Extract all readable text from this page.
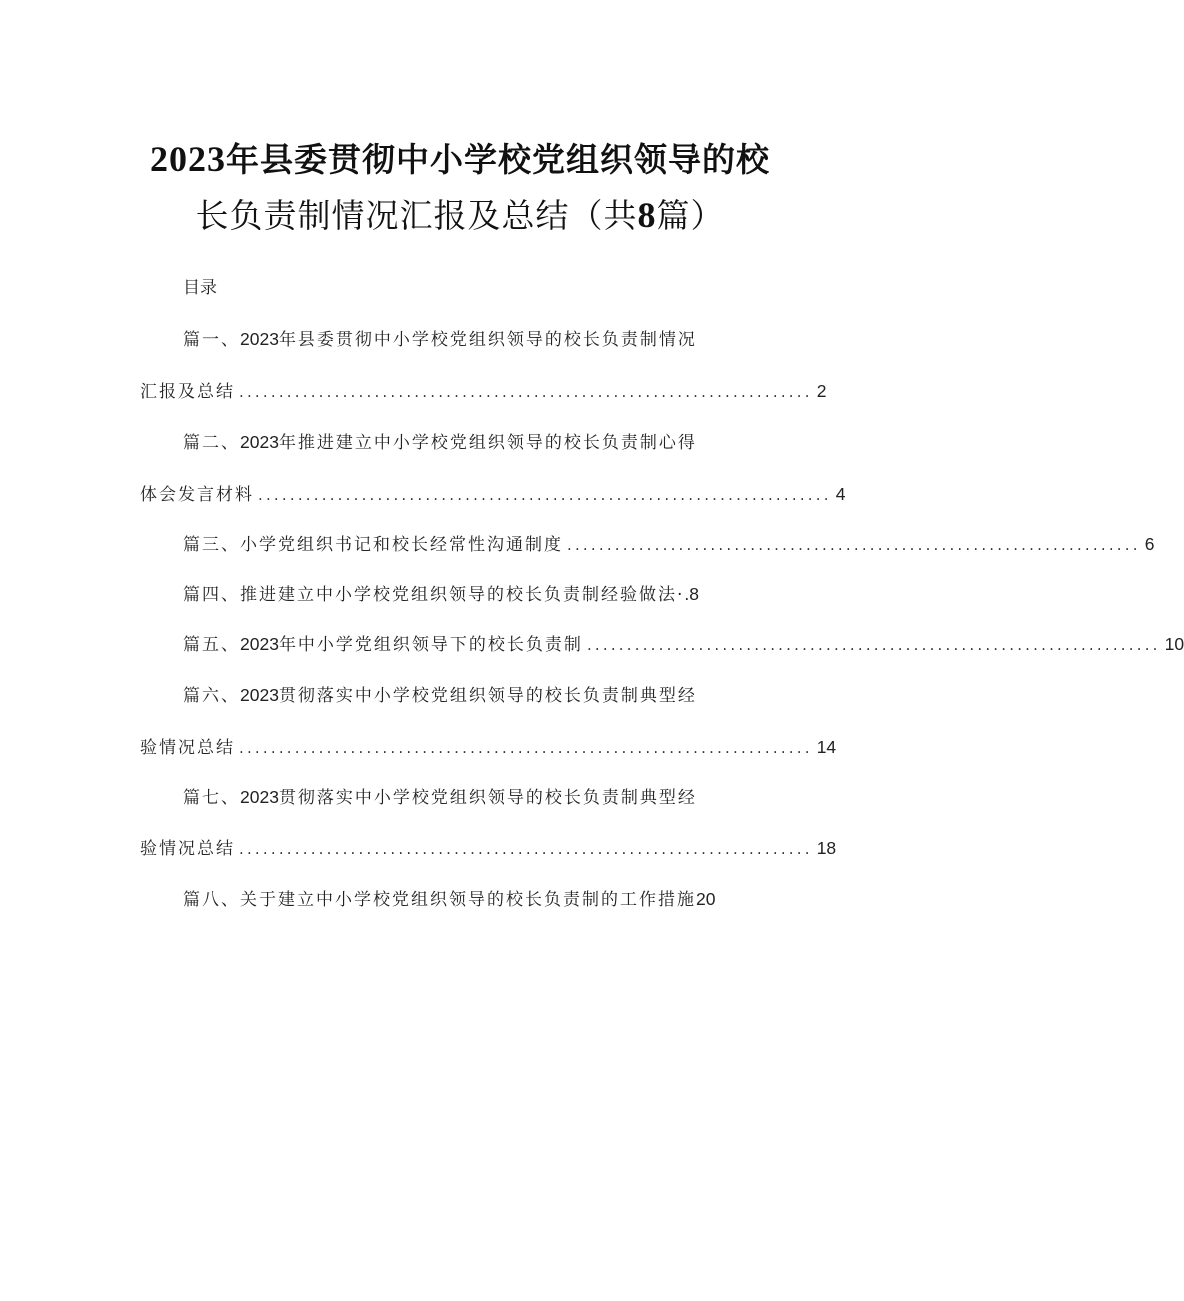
2023年县委贯彻中小学校党组织领导的校
长负责制情况汇报及总结（共8篇）
目录
篇一、2023年县委贯彻中小学校党组织领导的校长负责制情况
汇报及总结 ........................................................................ 2
篇二、2023年推进建立中小学校党组织领导的校长负责制心得
体会发言材料 ........................................................................ 4
篇三、小学党组织书记和校长经常性沟通制度 ........................................................................ 6
篇四、推进建立中小学校党组织领导的校长负责制经验做法·.8
篇五、2023年中小学党组织领导下的校长负责制 ........................................................................ 10
篇六、2023贯彻落实中小学校党组织领导的校长负责制典型经
验情况总结 ........................................................................ 14
篇七、2023贯彻落实中小学校党组织领导的校长负责制典型经
验情况总结 ........................................................................ 18
篇八、关于建立中小学校党组织领导的校长负责制的工作措施20
